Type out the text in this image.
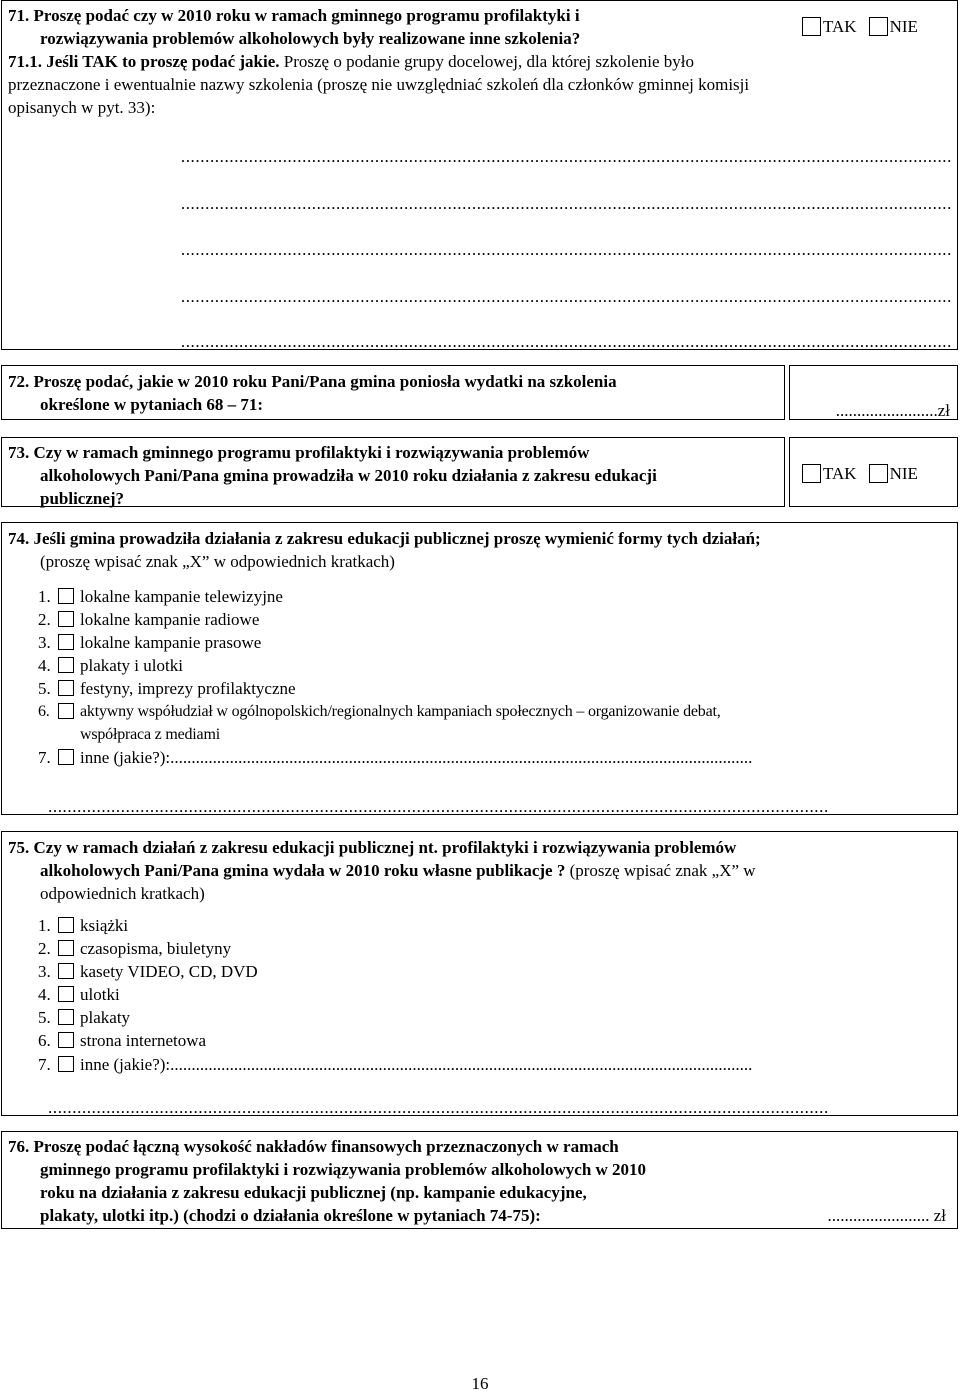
71. Proszę podać czy w 2010 roku w ramach gminnego programu profilaktyki i
rozwiązywania problemów alkoholowych były realizowane inne szkolenia?
TAK NIE
71.1. Jeśli TAK to proszę podać jakie. Proszę o podanie grupy docelowej, dla której szkolenie było
przeznaczone i ewentualnie nazwy szkolenia (proszę nie uwzględniać szkoleń dla członków gminnej komisji
opisanych w pyt. 33):
...............................................................................................................................................................
...............................................................................................................................................................
...............................................................................................................................................................
...............................................................................................................................................................
...............................................................................................................................................................
72. Proszę podać, jakie w 2010 roku Pani/Pana gmina poniosła wydatki na szkolenia
określone w pytaniach 68 – 71:	........................zł
73. Czy w ramach gminnego programu profilaktyki i rozwiązywania problemów
alkoholowych Pani/Pana gmina prowadziła w 2010 roku działania z zakresu edukacji
publicznej?
TAK NIE
74. Jeśli gmina prowadziła działania z zakresu edukacji publicznej proszę wymienić formy tych działań;
(proszę wpisać znak „X” w odpowiednich kratkach)
1.	lokalne kampanie telewizyjne
2.	lokalne kampanie radiowe
3.	lokalne kampanie prasowe
4.	plakaty i ulotki
5.	festyny, imprezy profilaktyczne
6.	aktywny współudział w ogólnopolskich/regionalnych kampaniach społecznych – organizowanie debat,
współpraca z mediami
7.	inne (jakie?):.........................................................................................................................................
.................................................................................................................................................................
75. Czy w ramach działań z zakresu edukacji publicznej nt. profilaktyki i rozwiązywania problemów
alkoholowych Pani/Pana gmina wydała w 2010 roku własne publikacje ? (proszę wpisać znak „X” w
odpowiednich kratkach)
1.	książki
2.	czasopisma, biuletyny
3.	kasety VIDEO, CD, DVD
4.	ulotki
5.	plakaty
6.	strona internetowa
7.	inne (jakie?):.........................................................................................................................................
.................................................................................................................................................................
76. Proszę podać łączną wysokość nakładów finansowych przeznaczonych w ramach
gminnego programu profilaktyki i rozwiązywania problemów alkoholowych w 2010
roku na działania z zakresu edukacji publicznej (np. kampanie edukacyjne,
plakaty, ulotki itp.) (chodzi o działania określone w pytaniach 74-75):	........................ zł
16
